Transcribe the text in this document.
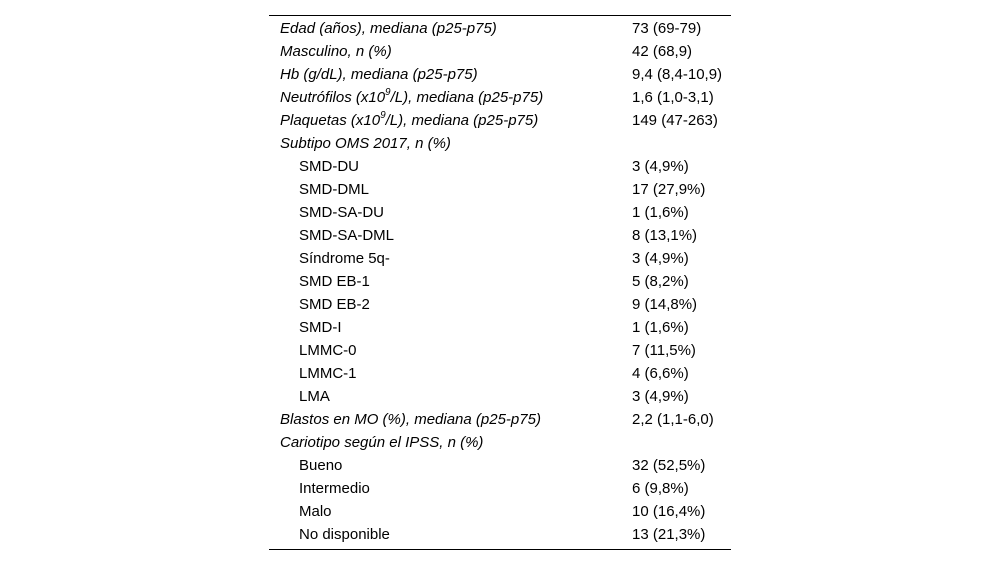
Edad (años), mediana (p25-p75)	73 (69-79)
Masculino, n (%)	42 (68,9)
Hb (g/dL), mediana (p25-p75)	9,4 (8,4-10,9)
Neutrófilos $(x10^9/L)$, mediana (p25-p75)	1,6 (1,0-3,1)
Plaquetas $(x10^9/L)$, mediana (p25-p75)	149 (47-263)
Subtipo OMS 2017, n (%)	
SMD-DU	3 (4,9%)
SMD-DML	17 (27,9%)
SMD-SA-DU	1 (1,6%)
SMD-SA-DML	8 (13,1%)
Síndrome 5q-	3 (4,9%)
SMD EB-1	5 (8,2%)
SMD EB-2	9 (14,8%)
SMD-I	1 (1,6%)
LMMC-0	7 (11,5%)
LMMC-1	4 (6,6%)
LMA	3 (4,9%)
Blastos en MO (%), mediana (p25-p75)	2,2 (1,1-6,0)
Cariotipo según el IPSS, n (%)	
Bueno	32 (52,5%)
Intermedio	6 (9,8%)
Malo	10 (16,4%)
No disponible	13 (21,3%)
